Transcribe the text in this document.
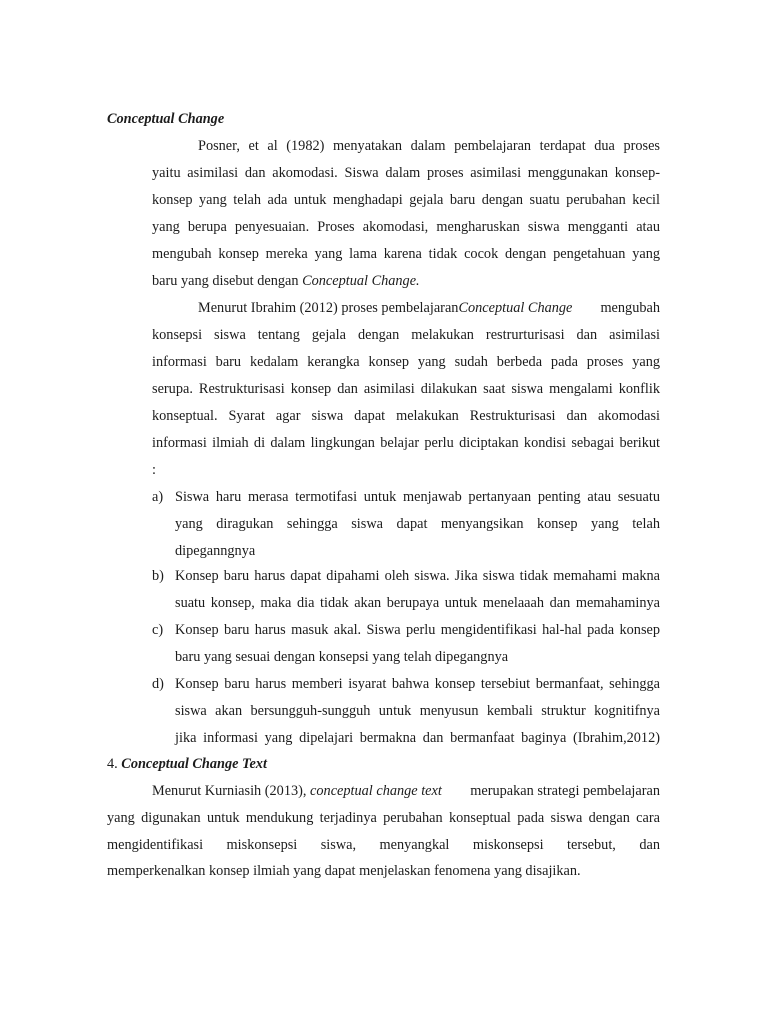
Conceptual Change
Posner, et al (1982) menyatakan dalam pembelajaran terdapat dua proses
yaitu asimilasi dan akomodasi. Siswa dalam proses asimilasi menggunakan konsep-
konsep yang telah ada untuk menghadapi gejala baru dengan suatu perubahan kecil
yang berupa penyesuaian. Proses akomodasi, mengharuskan siswa mengganti atau
mengubah konsep mereka yang lama karena tidak cocok dengan pengetahuan yang
baru yang disebut dengan Conceptual Change.
Menurut Ibrahim (2012) proses pembelajaran Conceptual Change	mengubah
konsepsi siswa tentang gejala dengan melakukan restrurturisasi dan asimilasi
informasi baru kedalam kerangka konsep yang sudah berbeda pada proses yang
serupa. Restrukturisasi konsep dan asimilasi dilakukan saat siswa mengalami konflik
konseptual. Syarat agar siswa dapat melakukan Restrukturisasi dan akomodasi
informasi ilmiah di dalam lingkungan belajar perlu diciptakan kondisi sebagai berikut
:
a) Siswa haru merasa termotifasi untuk menjawab pertanyaan penting atau sesuatu
yang diragukan sehingga siswa dapat menyangsikan konsep yang telah
dipeganngnya
b) Konsep baru harus dapat dipahami oleh siswa. Jika siswa tidak memahami makna
suatu konsep, maka dia tidak akan berupaya untuk menelaaah dan memahaminya
c) Konsep baru harus masuk akal. Siswa perlu mengidentifikasi hal-hal pada konsep
baru yang sesuai dengan konsepsi yang telah dipegangnya
d) Konsep baru harus memberi isyarat bahwa konsep tersebiut bermanfaat, sehingga
siswa akan bersungguh-sungguh untuk menyusun kembali struktur kognitifnya
jika informasi yang dipelajari bermakna dan bermanfaat baginya (Ibrahim,2012)
4. Conceptual Change Text
Menurut Kurniasih (2013), conceptual change text	merupakan strategi pembelajaran
yang digunakan untuk mendukung terjadinya perubahan konseptual pada siswa dengan cara
mengidentifikasi miskonsepsi siswa, menyangkal miskonsepsi tersebut, dan
memperkenalkan konsep ilmiah yang dapat menjelaskan fenomena yang disajikan.
